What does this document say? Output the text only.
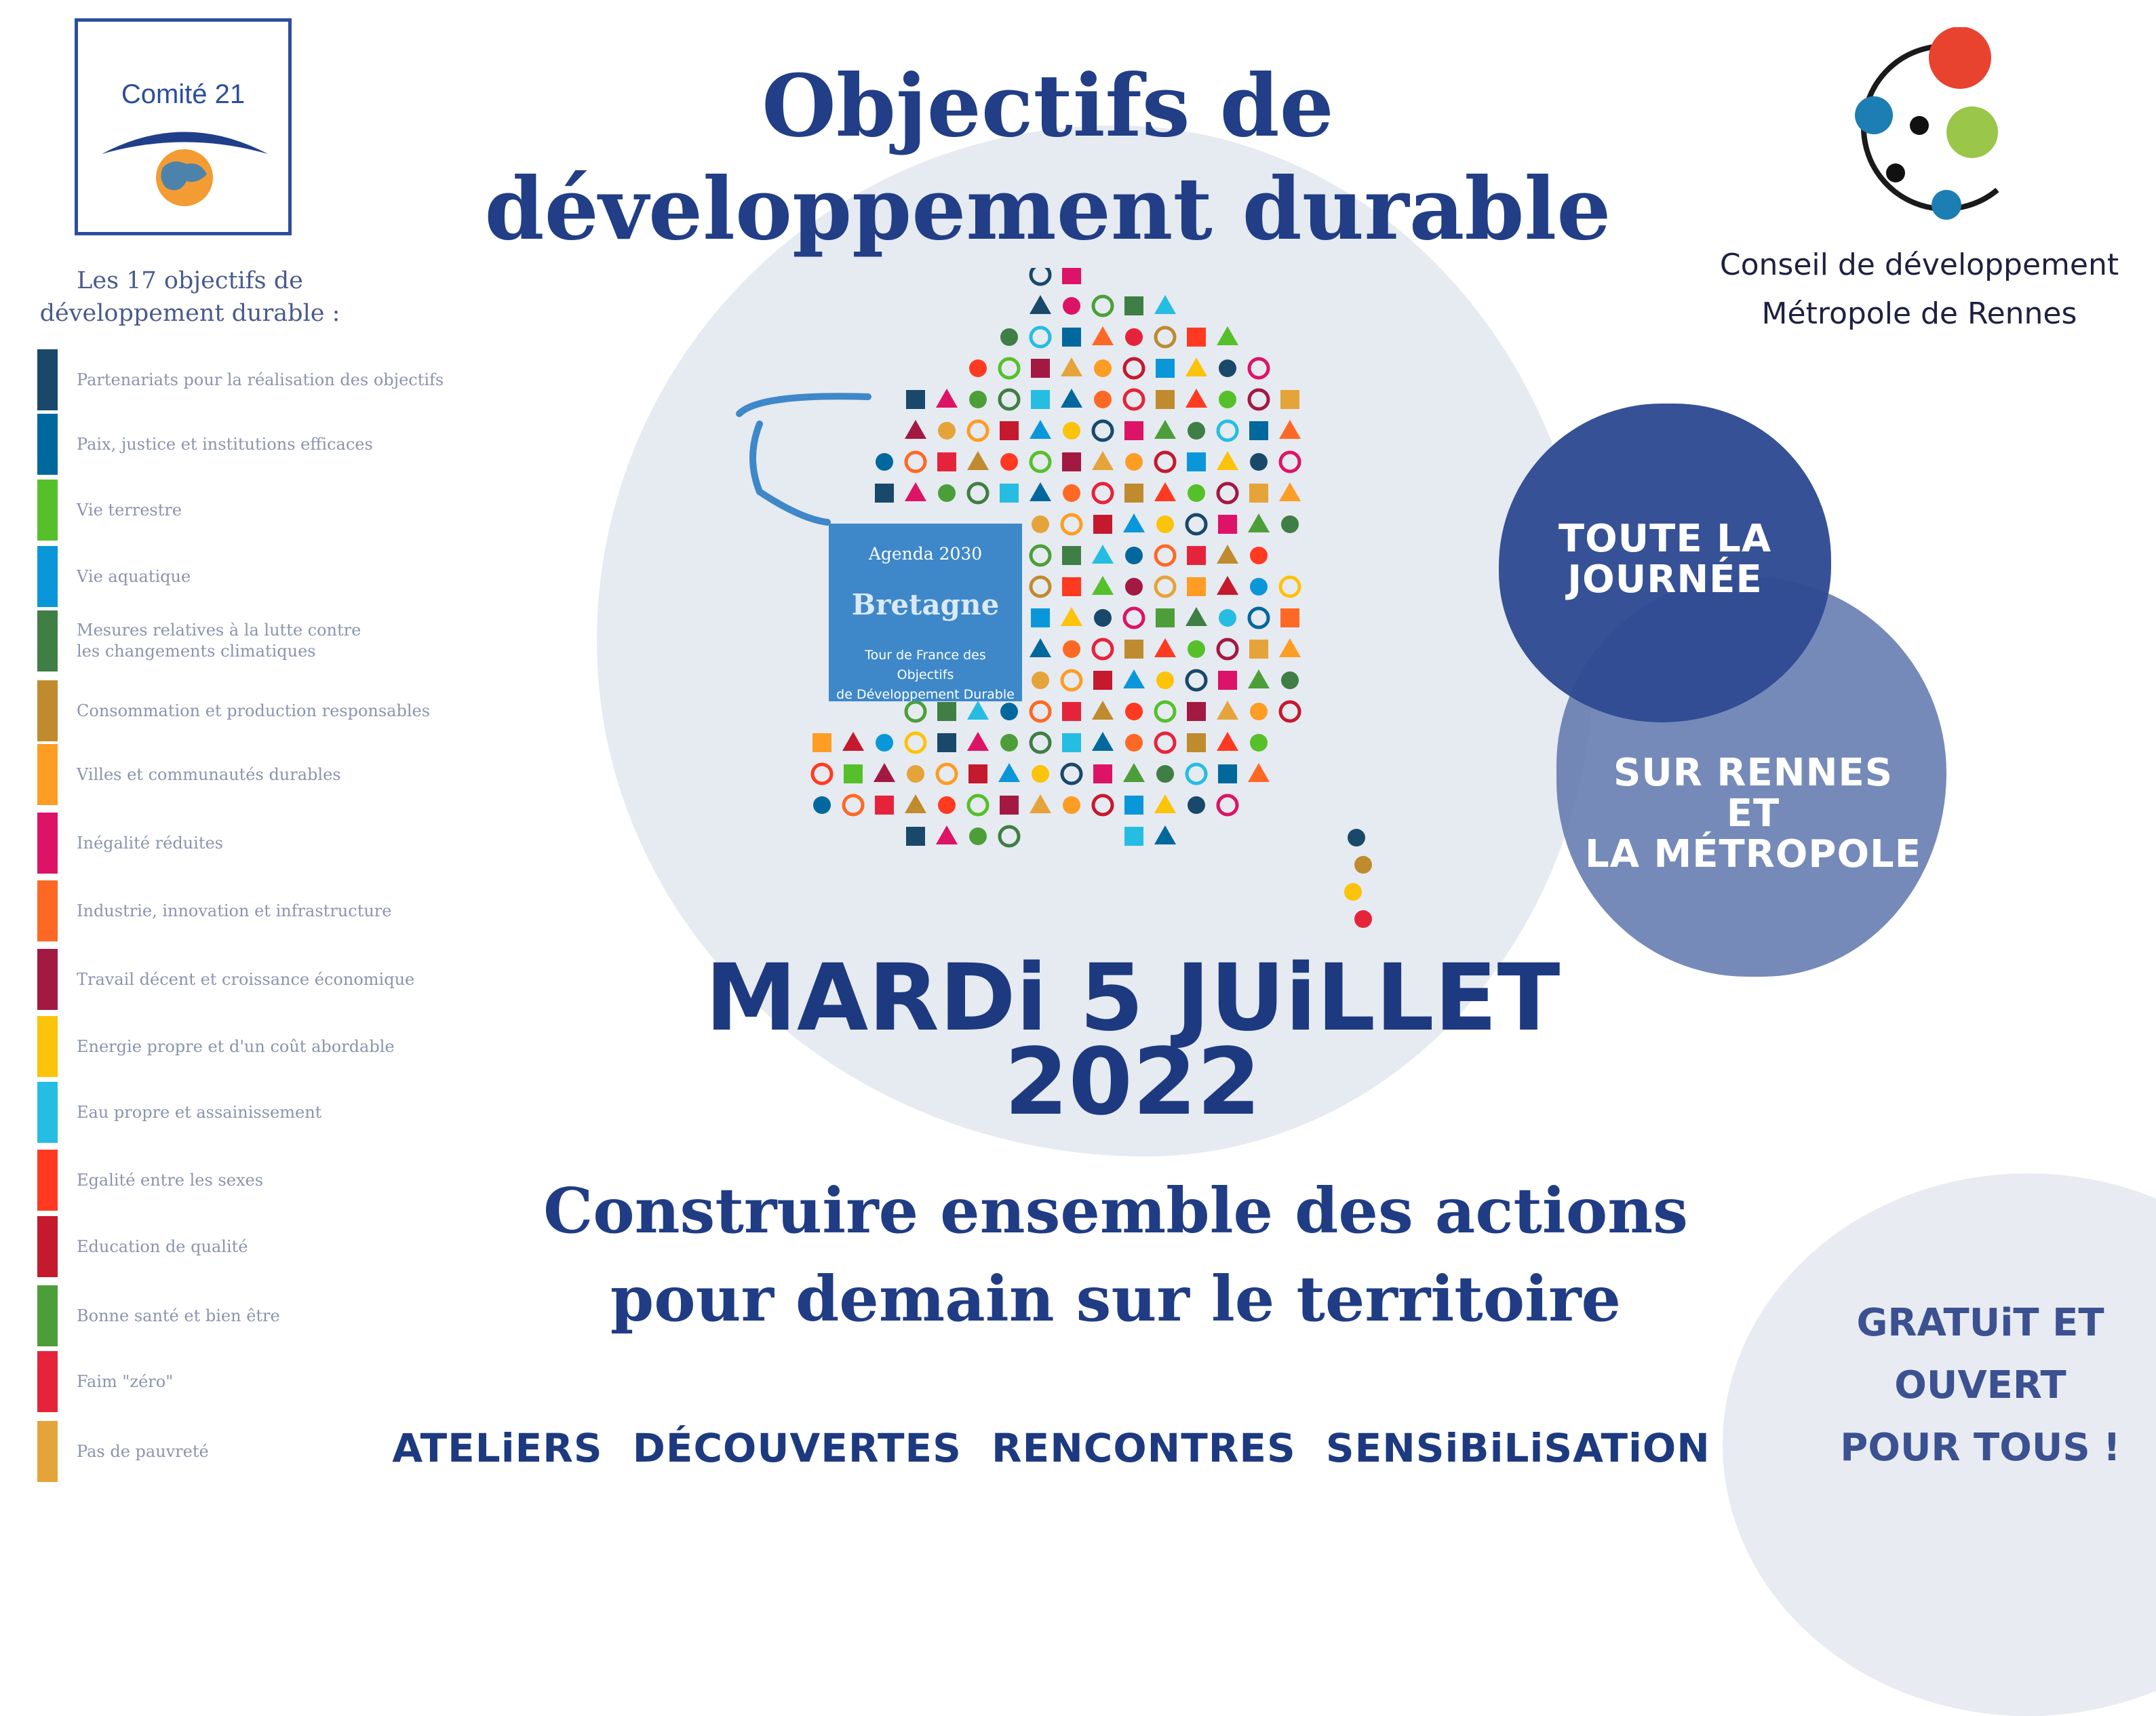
Comité 21
Conseil de développement
Métropole de Rennes
Objectifs de
développement durable
Les 17 objectifs de
développement durable :
Partenariats pour la réalisation des objectifs
Paix, justice et institutions efficaces
Vie terrestre
Vie aquatique
Mesures relatives à la lutte contre
les changements climatiques
Consommation et production responsables
Villes et communautés durables
Inégalité réduites
Industrie, innovation et infrastructure
Travail décent et croissance économique
Energie propre et d'un coût abordable
Eau propre et assainissement
Egalité entre les sexes
Education de qualité
Bonne santé et bien être
Faim "zéro"
Pas de pauvreté
Agenda 2030
Bretagne
Tour de France des Objectifs
de Développement Durable
TOUTE LA
JOURNÉE
SUR RENNES ET
LA MÉTROPOLE
MARDi 5 JUiLLET
2022
Construire ensemble des actions
pour demain sur le territoire
ATELiERS DÉCOUVERTES RENCONTRES SENSiBiLiSATiON
GRATUiT ET
OUVERT
POUR TOUS !
